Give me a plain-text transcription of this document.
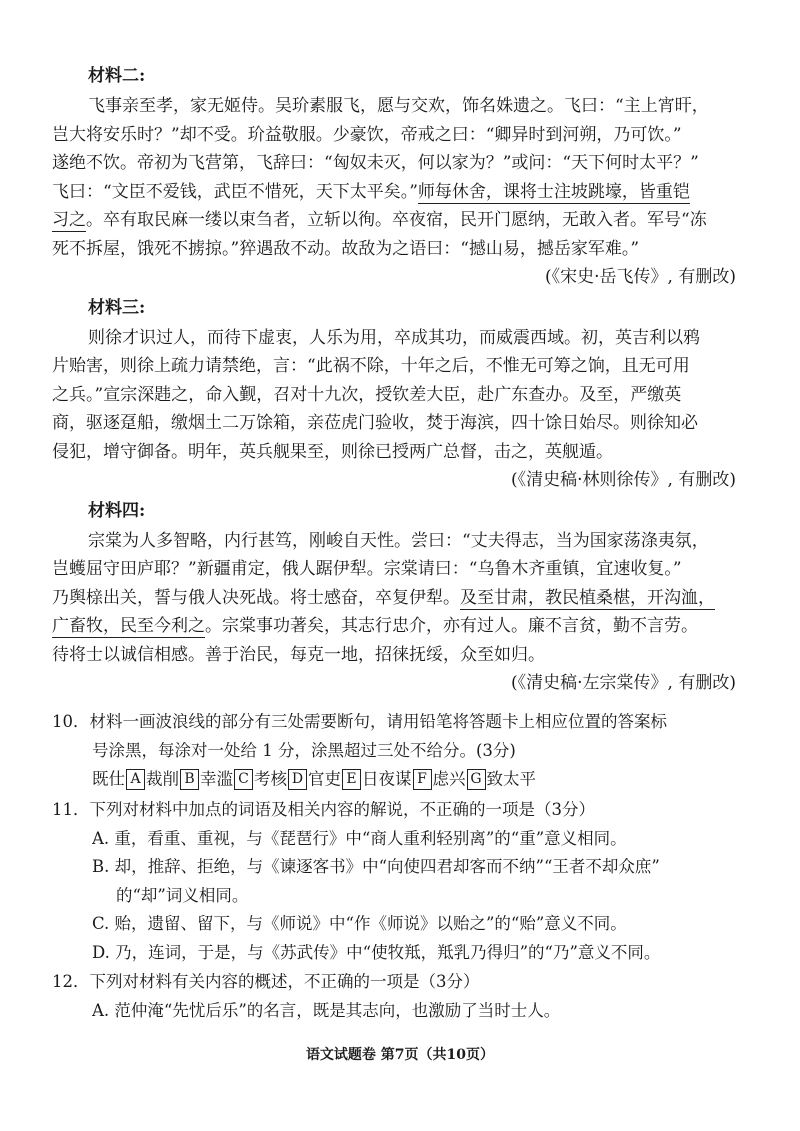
材料二:
飞事亲至孝，家无姬侍。吴玠素服飞，愿与交欢，饰名姝遗之。飞曰：“主上宵旰，
岂大将安乐时？”却不受。玠益敬服。少豪饮，帝戒之曰：“卿异时到河朔，乃可饮。”
遂绝不饮。帝初为飞营第，飞辞曰：“匈奴未灭，何以家为？”或问：“天下何时太平？”
飞曰：“文臣不爱钱，武臣不惜死，天下太平矣。”师每休舍，课将士注坡跳壕，皆重铠
习之。卒有取民麻一缕以束刍者，立斩以徇。卒夜宿，民开门愿纳，无敢入者。军号“冻
死不拆屋，饿死不掳掠。”猝遇敌不动。故敌为之语曰：“撼山易，撼岳家军难。”
(《宋史·岳飞传》, 有删改)
材料三:
则徐才识过人，而待下虚衷，人乐为用，卒成其功，而威震西域。初，英吉利以鸦
片贻害，则徐上疏力请禁绝，言：“此祸不除，十年之后，不惟无可筹之饷，且无可用
之兵。”宣宗深韪之，命入觐，召对十九次，授钦差大臣，赴广东查办。及至，严缴英
商，驱逐趸船，缴烟土二万馀箱，亲莅虎门验收，焚于海滨，四十馀日始尽。则徐知必
侵犯，增守御备。明年，英兵舰果至，则徐已授两广总督，击之，英舰遁。
(《清史稿·林则徐传》, 有删改)
材料四:
宗棠为人多智略，内行甚笃，刚峻自天性。尝曰：“丈夫得志，当为国家荡涤夷氛，
岂蠖屈守田庐耶？”新疆甫定，俄人踞伊犁。宗棠请曰：“乌鲁木齐重镇，宜速收复。”
乃舆榇出关，誓与俄人决死战。将士感奋，卒复伊犁。及至甘肃，教民植桑椹，开沟洫，
广畜牧，民至今利之。宗棠事功著矣，其志行忠介，亦有过人。廉不言贫，勤不言劳。
待将士以诚信相感。善于治民，每克一地，招徕抚绥，众至如归。
(《清史稿·左宗棠传》, 有删改)
10．材料一画波浪线的部分有三处需要断句，请用铅笔将答题卡上相应位置的答案标
号涂黑，每涂对一处给 1 分，涂黑超过三处不给分。(3分)
既仕 A 裁削 B 幸滥 C 考核 D 官吏 E 日夜谋 F 虑兴 G 致太平
11．下列对材料中加点的词语及相关内容的解说，不正确的一项是（3分）
A. 重，看重、重视，与《琵琶行》中“商人重利轻别离”的“重”意义相同。
B. 却，推辞、拒绝，与《谏逐客书》中“向使四君却客而不纳”“王者不却众庶”
的“却”词义相同。
C. 贻，遗留、留下，与《师说》中“作《师说》以贻之”的“贻”意义不同。
D. 乃，连词，于是，与《苏武传》中“使牧羝，羝乳乃得归”的“乃”意义不同。
12．下列对材料有关内容的概述，不正确的一项是（3分）
A. 范仲淹“先忧后乐”的名言，既是其志向，也激励了当时士人。
语文试题卷 第7页（共10页）
